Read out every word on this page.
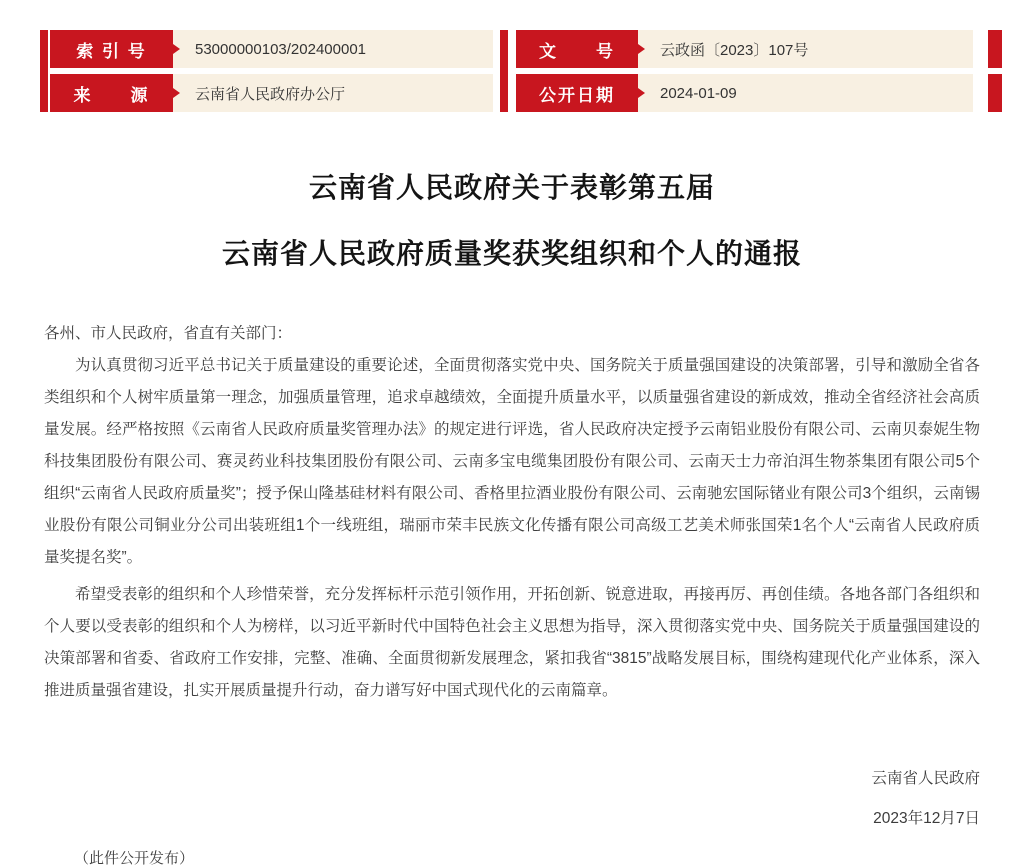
索 引 号	53000000103/202400001	文　　号	云政函〔2023〕107号
来　　源	云南省人民政府办公厅	公开日期	2024-01-09
云南省人民政府关于表彰第五届
云南省人民政府质量奖获奖组织和个人的通报

各州、市人民政府，省直有关部门：

为认真贯彻习近平总书记关于质量建设的重要论述，全面贯彻落实党中央、国务院关于质量强国建设的决策部署，引导和激励全省各类组织和个人树牢质量第一理念，加强质量管理，追求卓越绩效，全面提升质量水平，以质量强省建设的新成效，推动全省经济社会高质量发展。经严格按照《云南省人民政府质量奖管理办法》的规定进行评选，省人民政府决定授予云南铝业股份有限公司、云南贝泰妮生物科技集团股份有限公司、赛灵药业科技集团股份有限公司、云南多宝电缆集团股份有限公司、云南天士力帝泊洱生物茶集团有限公司5个组织“云南省人民政府质量奖”；授予保山隆基硅材料有限公司、香格里拉酒业股份有限公司、云南驰宏国际锗业有限公司3个组织，云南锡业股份有限公司铜业分公司出装班组1个一线班组，瑞丽市荣丰民族文化传播有限公司高级工艺美术师张国荣1名个人“云南省人民政府质量奖提名奖”。

希望受表彰的组织和个人珍惜荣誉，充分发挥标杆示范引领作用，开拓创新、锐意进取，再接再厉、再创佳绩。各地各部门各组织和个人要以受表彰的组织和个人为榜样，以习近平新时代中国特色社会主义思想为指导，深入贯彻落实党中央、国务院关于质量强国建设的决策部署和省委、省政府工作安排，完整、准确、全面贯彻新发展理念，紧扣我省“3815”战略发展目标，围绕构建现代化产业体系，深入推进质量强省建设，扎实开展质量提升行动，奋力谱写好中国式现代化的云南篇章。

云南省人民政府

2023年12月7日

（此件公开发布）
